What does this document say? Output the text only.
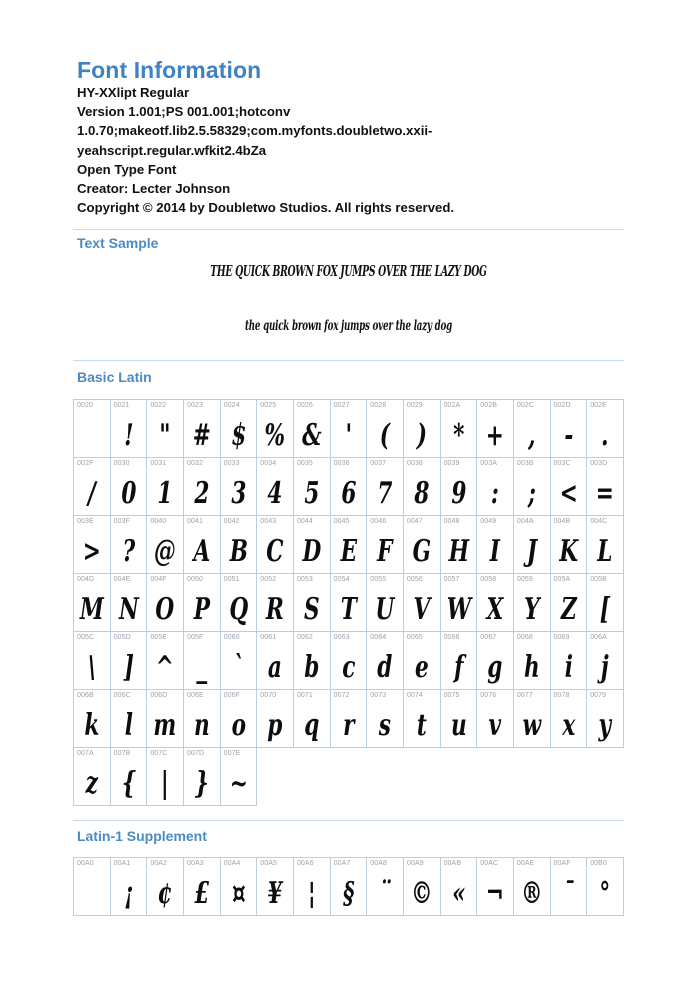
Font Information
HY-XXlipt Regular
Version 1.001;PS 001.001;hotconv
1.0.70;makeotf.lib2.5.58329;com.myfonts.doubletwo.xxii-
yeahscript.regular.wfkit2.4bZa
Open Type Font
Creator: Lecter Johnson
Copyright © 2014 by Doubletwo Studios. All rights reserved.
Text Sample
THE QUICK BROWN FOX JUMPS OVER THE LAZY DOG
the quick brown fox jumps over the lazy dog
Basic Latin
0020	0021
!
0022
"
0023
#
0024
$
0025
%
0026
&
0027
'
0028
(
0029
)
002A
*
002B
+
002C
,
002D
-
002E
.
002F
/
0030
0
0031
1
0032
2
0033
3
0034
4
0035
5
0036
6
0037
7
0038
8
0039
9
003A
:
003B
;
003C
<
003D
=
003E
>
003F
?
0040
@
0041
A
0042
B
0043
C
0044
D
0045
E
0046
F
0047
G
0048
H
0049
I
004A
J
004B
K
004C
L
004D
M
004E
N
004F
O
0050
P
0051
Q
0052
R
0053
S
0054
T
0055
U
0056
V
0057
W
0058
X
0059
Y
005A
Z
005B
[
005C
\
005D
]
005E
^
005F
_
0060
`
0061
a
0062
b
0063
c
0064
d
0065
e
0066
f
0067
g
0068
h
0069
i
006A
j
006B
k
006C
l
006D
m
006E
n
006F
o
0070
p
0071
q
0072
r
0073
s
0074
t
0075
u
0076
v
0077
w
0078
x
0079
y
007A
z
007B
{
007C
|
007D
}
007E
~
Latin-1 Supplement
00A0	00A1
¡
00A2
¢
00A3
£
00A4
¤
00A5
¥
00A6
¦
00A7
§
00A8
¨
00A9
©
00AB
«
00AC
¬
00AE
®
00AF
¯
00B0
°
